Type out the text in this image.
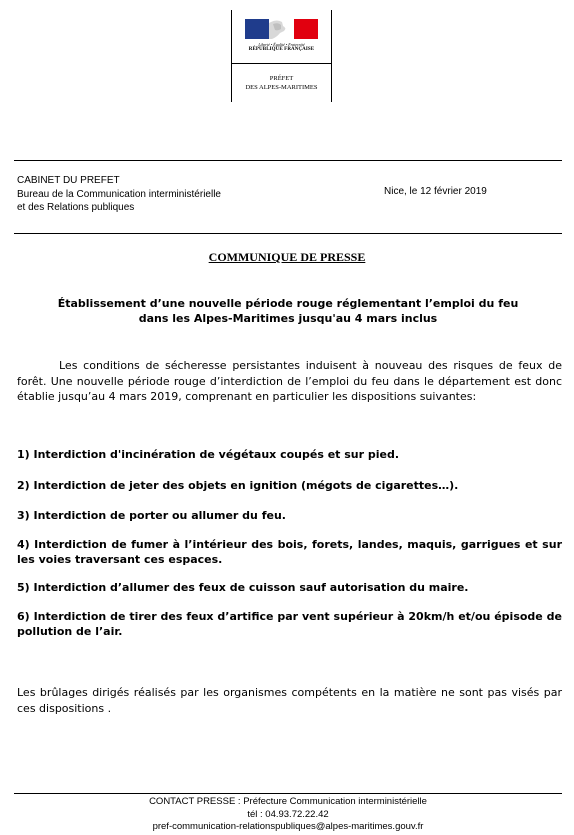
Liberté • Égalité • Fraternité
RÉPUBLIQUE FRANÇAISE
PRÉFET
DES ALPES-MARITIMES
CABINET DU PREFET
Bureau de la Communication interministérielle
et des Relations publiques
Nice, le 12 février 2019
COMMUNIQUE DE PRESSE
Établissement d’une nouvelle période rouge réglementant l’emploi du feu
dans les Alpes-Maritimes jusqu'au 4 mars inclus
Les conditions de sécheresse persistantes induisent à nouveau des risques de feux de forêt. Une nouvelle période rouge d’interdiction de l’emploi du feu dans le département est donc établie jusqu’au 4 mars 2019, comprenant en particulier les dispositions suivantes:
1) Interdiction d'incinération de végétaux coupés et sur pied.
2) Interdiction de jeter des objets en ignition (mégots de cigarettes…).
3) Interdiction de porter ou allumer du feu.
4) Interdiction de fumer à l’intérieur des bois, forets, landes, maquis, garrigues et sur les voies traversant ces espaces.
5) Interdiction d’allumer des feux de cuisson sauf autorisation du maire.
6) Interdiction de tirer des feux d’artifice par vent supérieur à 20km/h et/ou épisode de pollution de l’air.
Les brûlages dirigés réalisés par les organismes compétents en la matière ne sont pas visés par ces dispositions .
CONTACT PRESSE : Préfecture Communication interministérielle
tél : 04.93.72.22.42
pref-communication-relationspubliques@alpes-maritimes.gouv.fr
